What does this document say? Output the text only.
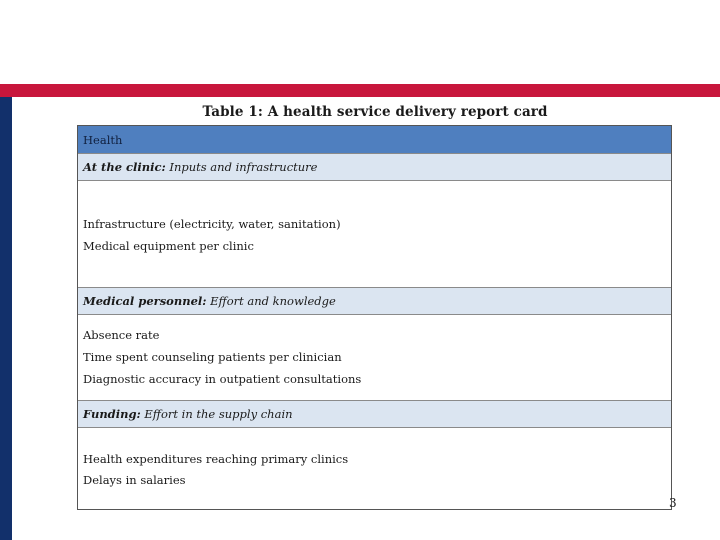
Table 1: A health service delivery report card
Health
At the clinic: Inputs and infrastructure
Infrastructure (electricity, water, sanitation)
Medical equipment per clinic
Medical personnel: Effort and knowledge
Absence rate
Time spent counseling patients per clinician
Diagnostic accuracy in outpatient consultations
Funding: Effort in the supply chain
Health expenditures reaching primary clinics
Delays in salaries
3
